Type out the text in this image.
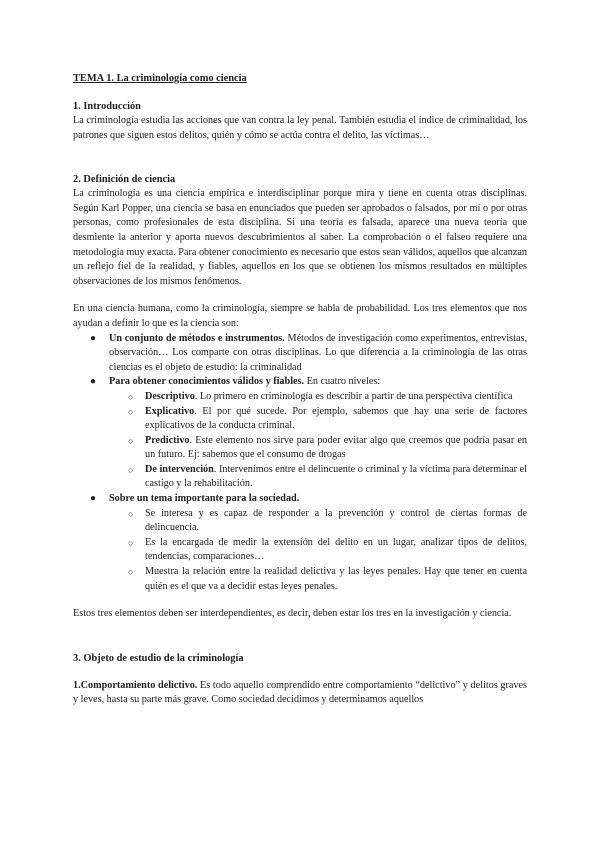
TEMA 1. La criminología como ciencia
1. Introducción

La criminología estudia las acciones que van contra la ley penal. También estudia el índice de criminalidad, los patrones que siguen estos delitos, quién y cómo se actúa contra el delito, las víctimas…

2. Definición de ciencia

La criminología es una ciencia empírica e interdisciplinar porque mira y tiene en cuenta otras disciplinas. Según Karl Popper, una ciencia se basa en enunciados que pueden ser aprobados o falsados, por mí o por otras personas, como profesionales de esta disciplina. Si una teoría es falsada, aparece una nueva teoría que desmiente la anterior y aporta nuevos descubrimientos al saber. La comprobación o el falseo requiere una metodología muy exacta. Para obtener conocimiento es necesario que estos sean válidos, aquellos que alcanzan un reflejo fiel de la realidad, y fiables, aquellos en los que se obtienen los mismos resultados en múltiples observaciones de los mismos fenómenos.

En una ciencia humana, como la criminología, siempre se habla de probabilidad. Los tres elementos que nos ayudan a definir lo que es la ciencia son:

● Un conjunto de métodos e instrumentos. Métodos de investigación como experimentos, entrevistas, observación… Los comparte con otras disciplinas. Lo que diferencia a la criminología de las otras ciencias es el objeto de estudio: la criminalidad
● Para obtener conocimientos válidos y fiables. En cuatro niveles:
○ Descriptivo. Lo primero en criminología es describir a partir de una perspectiva científica
○ Explicativo. El por qué sucede. Por ejemplo, sabemos que hay una serie de factores explicativos de la conducta criminal.
○ Predictivo. Este elemento nos sirve para poder evitar algo que creemos que podría pasar en un futuro. Ej: sabemos que el consumo de drogas
○ De intervención. Intervenimos entre el delincuente o criminal y la víctima para determinar el castigo y la rehabilitación.
● Sobre un tema importante para la sociedad.
○ Se interesa y es capaz de responder a la prevención y control de ciertas formas de delincuencia.
○ Es la encargada de medir la extensión del delito en un lugar, analizar tipos de delitos, tendencias, comparaciones…
○ Muestra la relación entre la realidad delictiva y las leyes penales. Hay que tener en cuenta quién es el que va a decidir estas leyes penales.

Estos tres elementos deben ser interdependientes, es decir, deben estar los tres en la investigación y ciencia.

3. Objeto de estudio de la criminología

1.Comportamiento delictivo. Es todo aquello comprendido entre comportamiento “delictivo” y delitos graves y leves, hasta su parte más grave. Como sociedad decidimos y determinamos aquellos
